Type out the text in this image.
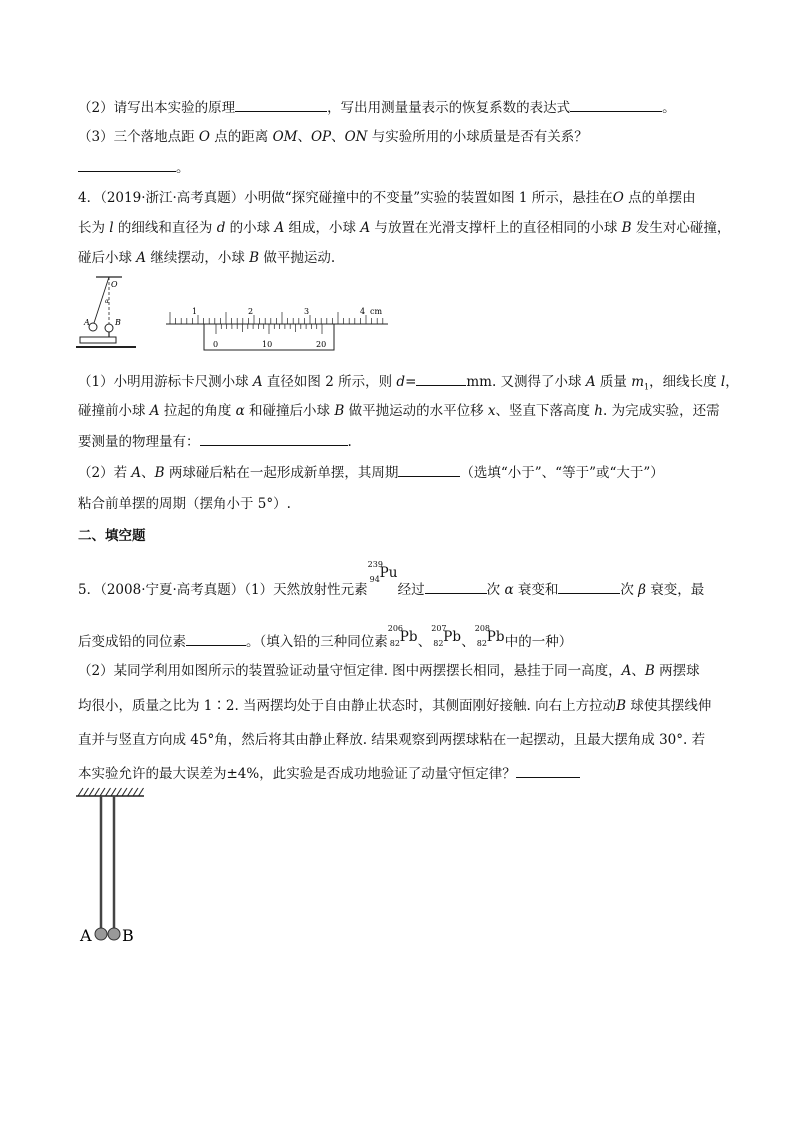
（2）请写出本实验的原理	，写出用测量量表示的恢复系数的表达式	。
（3）三个落地点距 O 点的距离 OM、OP、ON 与实验所用的小球质量是否有关系？
。
4．（2019·浙江·高考真题）小明做“探究碰撞中的不变量”实验的装置如图 1 所示，悬挂在O 点的单摆由
长为 l 的细线和直径为 d 的小球 A 组成，小球 A 与放置在光滑支撑杆上的直径相同的小球 B 发生对心碰撞，
碰后小球 A 继续摆动，小球 B 做平抛运动.
O
α
A	B
1	2	3	4 cm
0	10	20
（1）小明用游标卡尺测小球 A 直径如图 2 所示，则 d=	mm. 又测得了小球 A 质量 $m_1$，细线长度 l，
碰撞前小球 A 拉起的角度 α 和碰撞后小球 B 做平抛运动的水平位移 x、竖直下落高度 h. 为完成实验，还需
要测量的物理量有：	.
（2）若 A、B 两球碰后粘在一起形成新单摆，其周期	（选填“小于”、“等于”或“大于”）
粘合前单摆的周期（摆角小于 5°）.
二、填空题
5．（2008·宁夏·高考真题）（1）天然放射性元素
239
94 Pu
经过	次 α 衰变和	次 β 衰变，最
后变成铅的同位素	。（填入铅的三种同位素
206
82 Pb 、
207
82 Pb 、
208
82 Pb 中的一种）
（2）某同学利用如图所示的装置验证动量守恒定律. 图中两摆摆长相同，悬挂于同一高度，A、B 两摆球
均很小，质量之比为 1∶2. 当两摆均处于自由静止状态时，其侧面刚好接触. 向右上方拉动B 球使其摆线伸
直并与竖直方向成 45°角，然后将其由静止释放. 结果观察到两摆球粘在一起摆动，且最大摆角成 30°. 若
本实验允许的最大误差为±4%，此实验是否成功地验证了动量守恒定律？
A B
